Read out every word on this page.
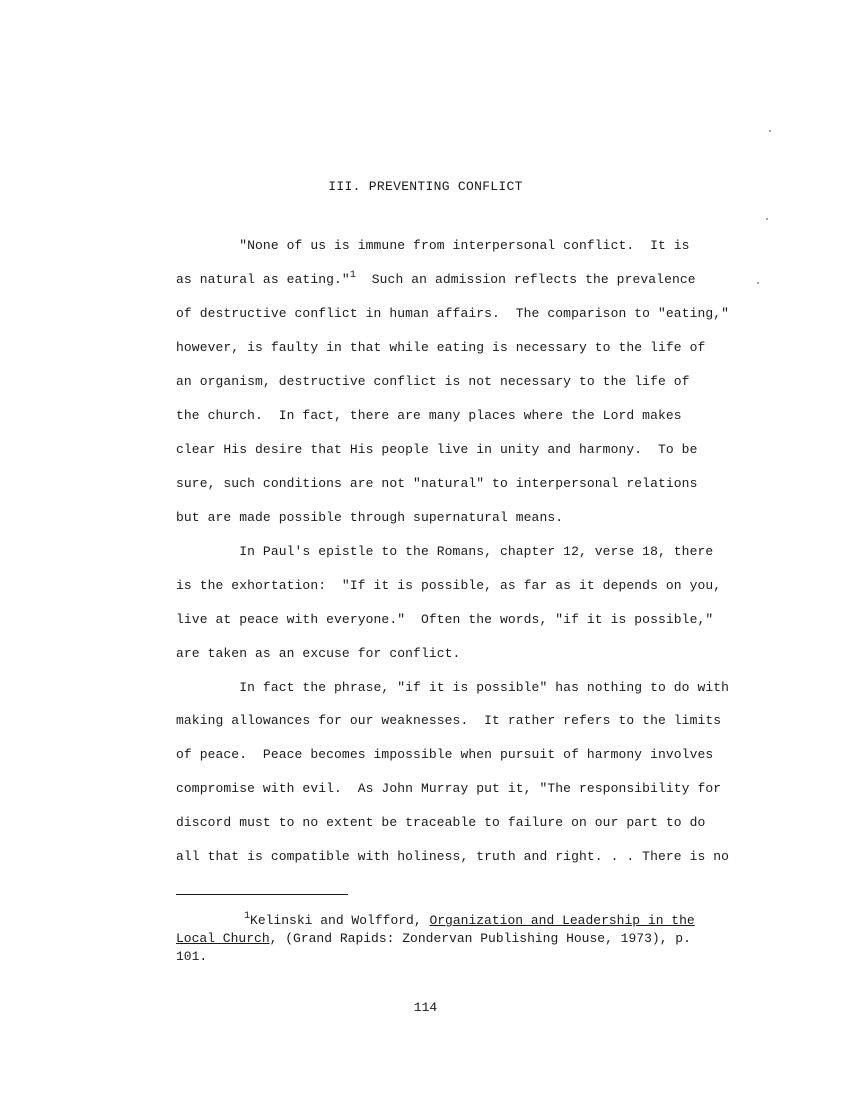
III. PREVENTING CONFLICT
"None of us is immune from interpersonal conflict.  It is
as natural as eating."$^1$  Such an admission reflects the prevalence
of destructive conflict in human affairs.  The comparison to "eating,"
however, is faulty in that while eating is necessary to the life of
an organism, destructive conflict is not necessary to the life of
the church.  In fact, there are many places where the Lord makes
clear His desire that His people live in unity and harmony.  To be
sure, such conditions are not "natural" to interpersonal relations
but are made possible through supernatural means.
In Paul's epistle to the Romans, chapter 12, verse 18, there
is the exhortation:  "If it is possible, as far as it depends on you,
live at peace with everyone."  Often the words, "if it is possible,"
are taken as an excuse for conflict.
In fact the phrase, "if it is possible" has nothing to do with
making allowances for our weaknesses.  It rather refers to the limits
of peace.  Peace becomes impossible when pursuit of harmony involves
compromise with evil.  As John Murray put it, "The responsibility for
discord must to no extent be traceable to failure on our part to do
all that is compatible with holiness, truth and right. . . There is no
$^1$Kelinski and Wolfford, Organization and Leadership in the
Local Church, (Grand Rapids: Zondervan Publishing House, 1973), p.
101.
114
